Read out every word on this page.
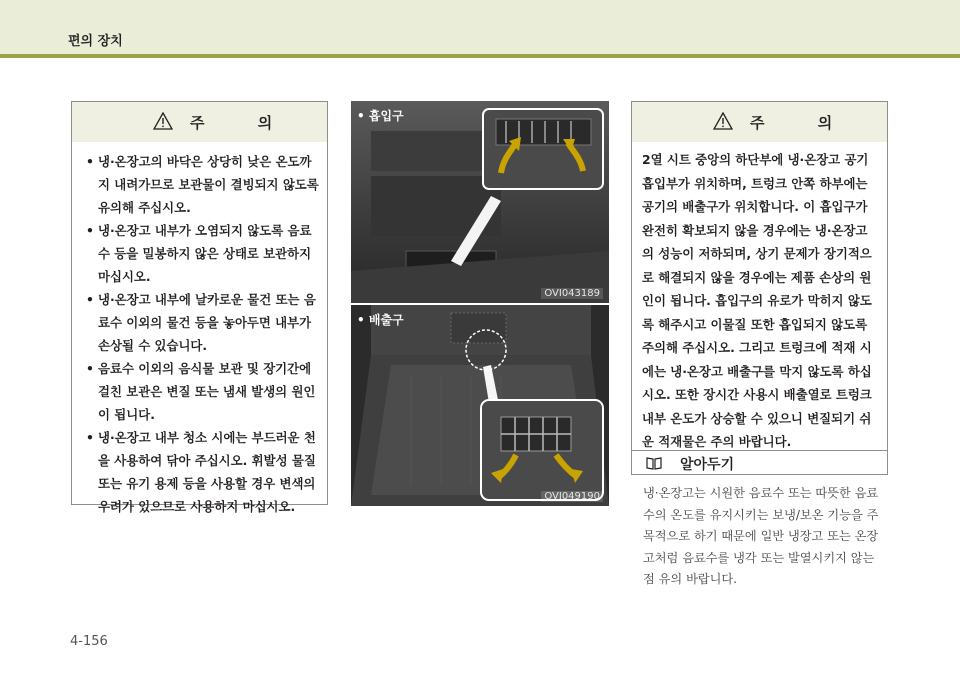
편의 장치
주 의
• 냉·온장고의 바닥은 상당히 낮은 온도까지 내려가므로 보관물이 결빙되지 않도록 유의해 주십시오.
• 냉·온장고 내부가 오염되지 않도록 음료수 등을 밀봉하지 않은 상태로 보관하지 마십시오.
• 냉·온장고 내부에 날카로운 물건 또는 음료수 이외의 물건 등을 놓아두면 내부가 손상될 수 있습니다.
• 음료수 이외의 음식물 보관 및 장기간에 걸친 보관은 변질 또는 냄새 발생의 원인이 됩니다.
• 냉·온장고 내부 청소 시에는 부드러운 천을 사용하여 닦아 주십시오. 휘발성 물질 또는 유기 용제 등을 사용할 경우 변색의 우려가 있으므로 사용하지 마십시오.
• 흡입구
OVI043189
• 배출구
OVI049190
주 의
2열 시트 중앙의 하단부에 냉·온장고 공기 흡입부가 위치하며, 트렁크 안쪽 하부에는 공기의 배출구가 위치합니다. 이 흡입구가 완전히 확보되지 않을 경우에는 냉·온장고의 성능이 저하되며, 상기 문제가 장기적으로 해결되지 않을 경우에는 제품 손상의 원인이 됩니다. 흡입구의 유로가 막히지 않도록 해주시고 이물질 또한 흡입되지 않도록 주의해 주십시오. 그리고 트렁크에 적재 시에는 냉·온장고 배출구를 막지 않도록 하십시오. 또한 장시간 사용시 배출열로 트렁크 내부 온도가 상승할 수 있으니 변질되기 쉬운 적재물은 주의 바랍니다.
알아두기
냉·온장고는 시원한 음료수 또는 따뜻한 음료수의 온도를 유지시키는 보냉/보온 기능을 주목적으로 하기 때문에 일반 냉장고 또는 온장고처럼 음료수를 냉각 또는 발열시키지 않는 점 유의 바랍니다.
4-156
